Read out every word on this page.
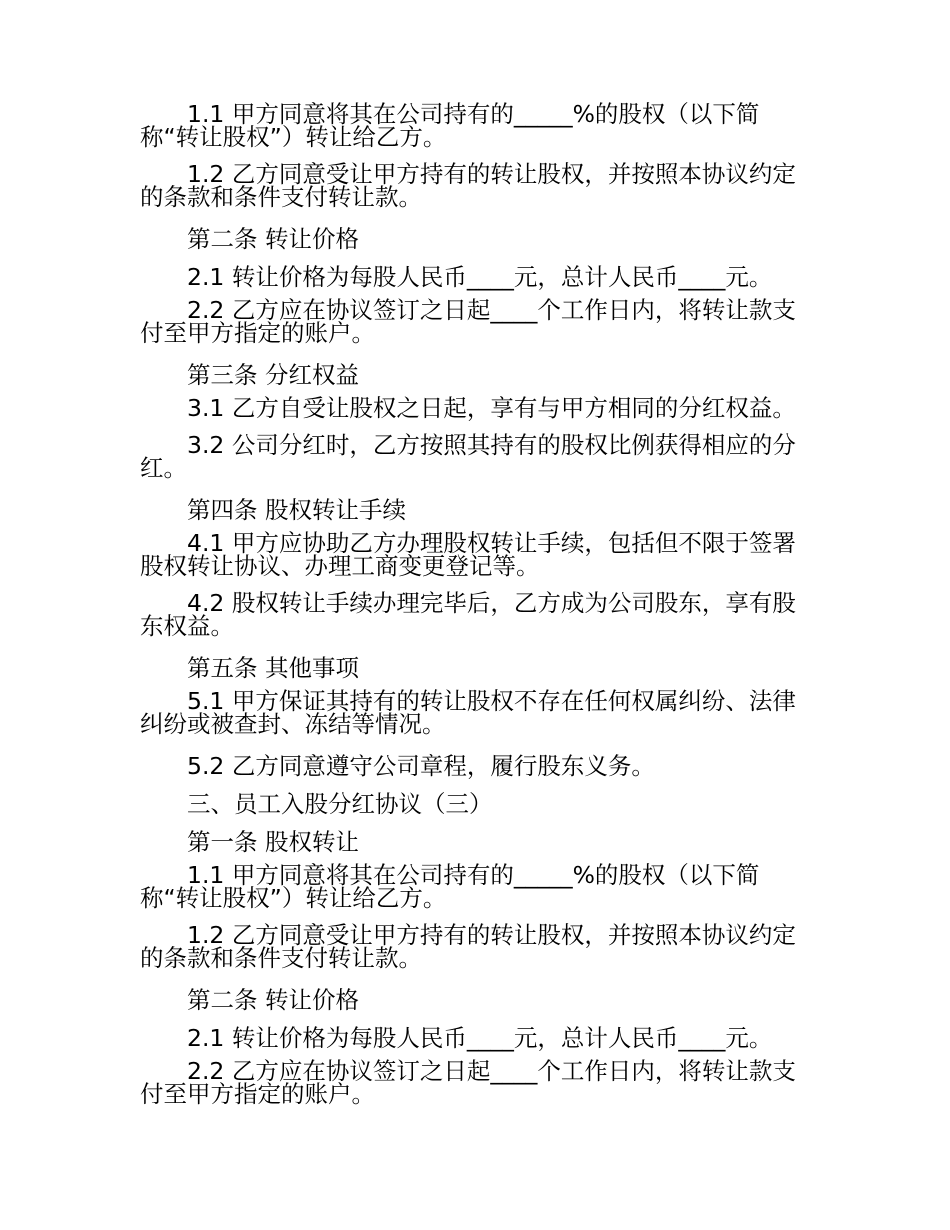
1.1 甲方同意将其在公司持有的_____%的股权（以下简称“转让股权”）转让给乙方。

1.2 乙方同意受让甲方持有的转让股权，并按照本协议约定的条款和条件支付转让款。

第二条 转让价格

2.1 转让价格为每股人民币____元，总计人民币____元。

2.2 乙方应在协议签订之日起____个工作日内，将转让款支付至甲方指定的账户。

第三条 分红权益

3.1 乙方自受让股权之日起，享有与甲方相同的分红权益。

3.2 公司分红时，乙方按照其持有的股权比例获得相应的分红。

第四条 股权转让手续

4.1 甲方应协助乙方办理股权转让手续，包括但不限于签署股权转让协议、办理工商变更登记等。

4.2 股权转让手续办理完毕后，乙方成为公司股东，享有股东权益。

第五条 其他事项

5.1 甲方保证其持有的转让股权不存在任何权属纠纷、法律纠纷或被查封、冻结等情况。

5.2 乙方同意遵守公司章程，履行股东义务。

三、员工入股分红协议（三）

第一条 股权转让

1.1 甲方同意将其在公司持有的_____%的股权（以下简称“转让股权”）转让给乙方。

1.2 乙方同意受让甲方持有的转让股权，并按照本协议约定的条款和条件支付转让款。

第二条 转让价格

2.1 转让价格为每股人民币____元，总计人民币____元。

2.2 乙方应在协议签订之日起____个工作日内，将转让款支付至甲方指定的账户。
